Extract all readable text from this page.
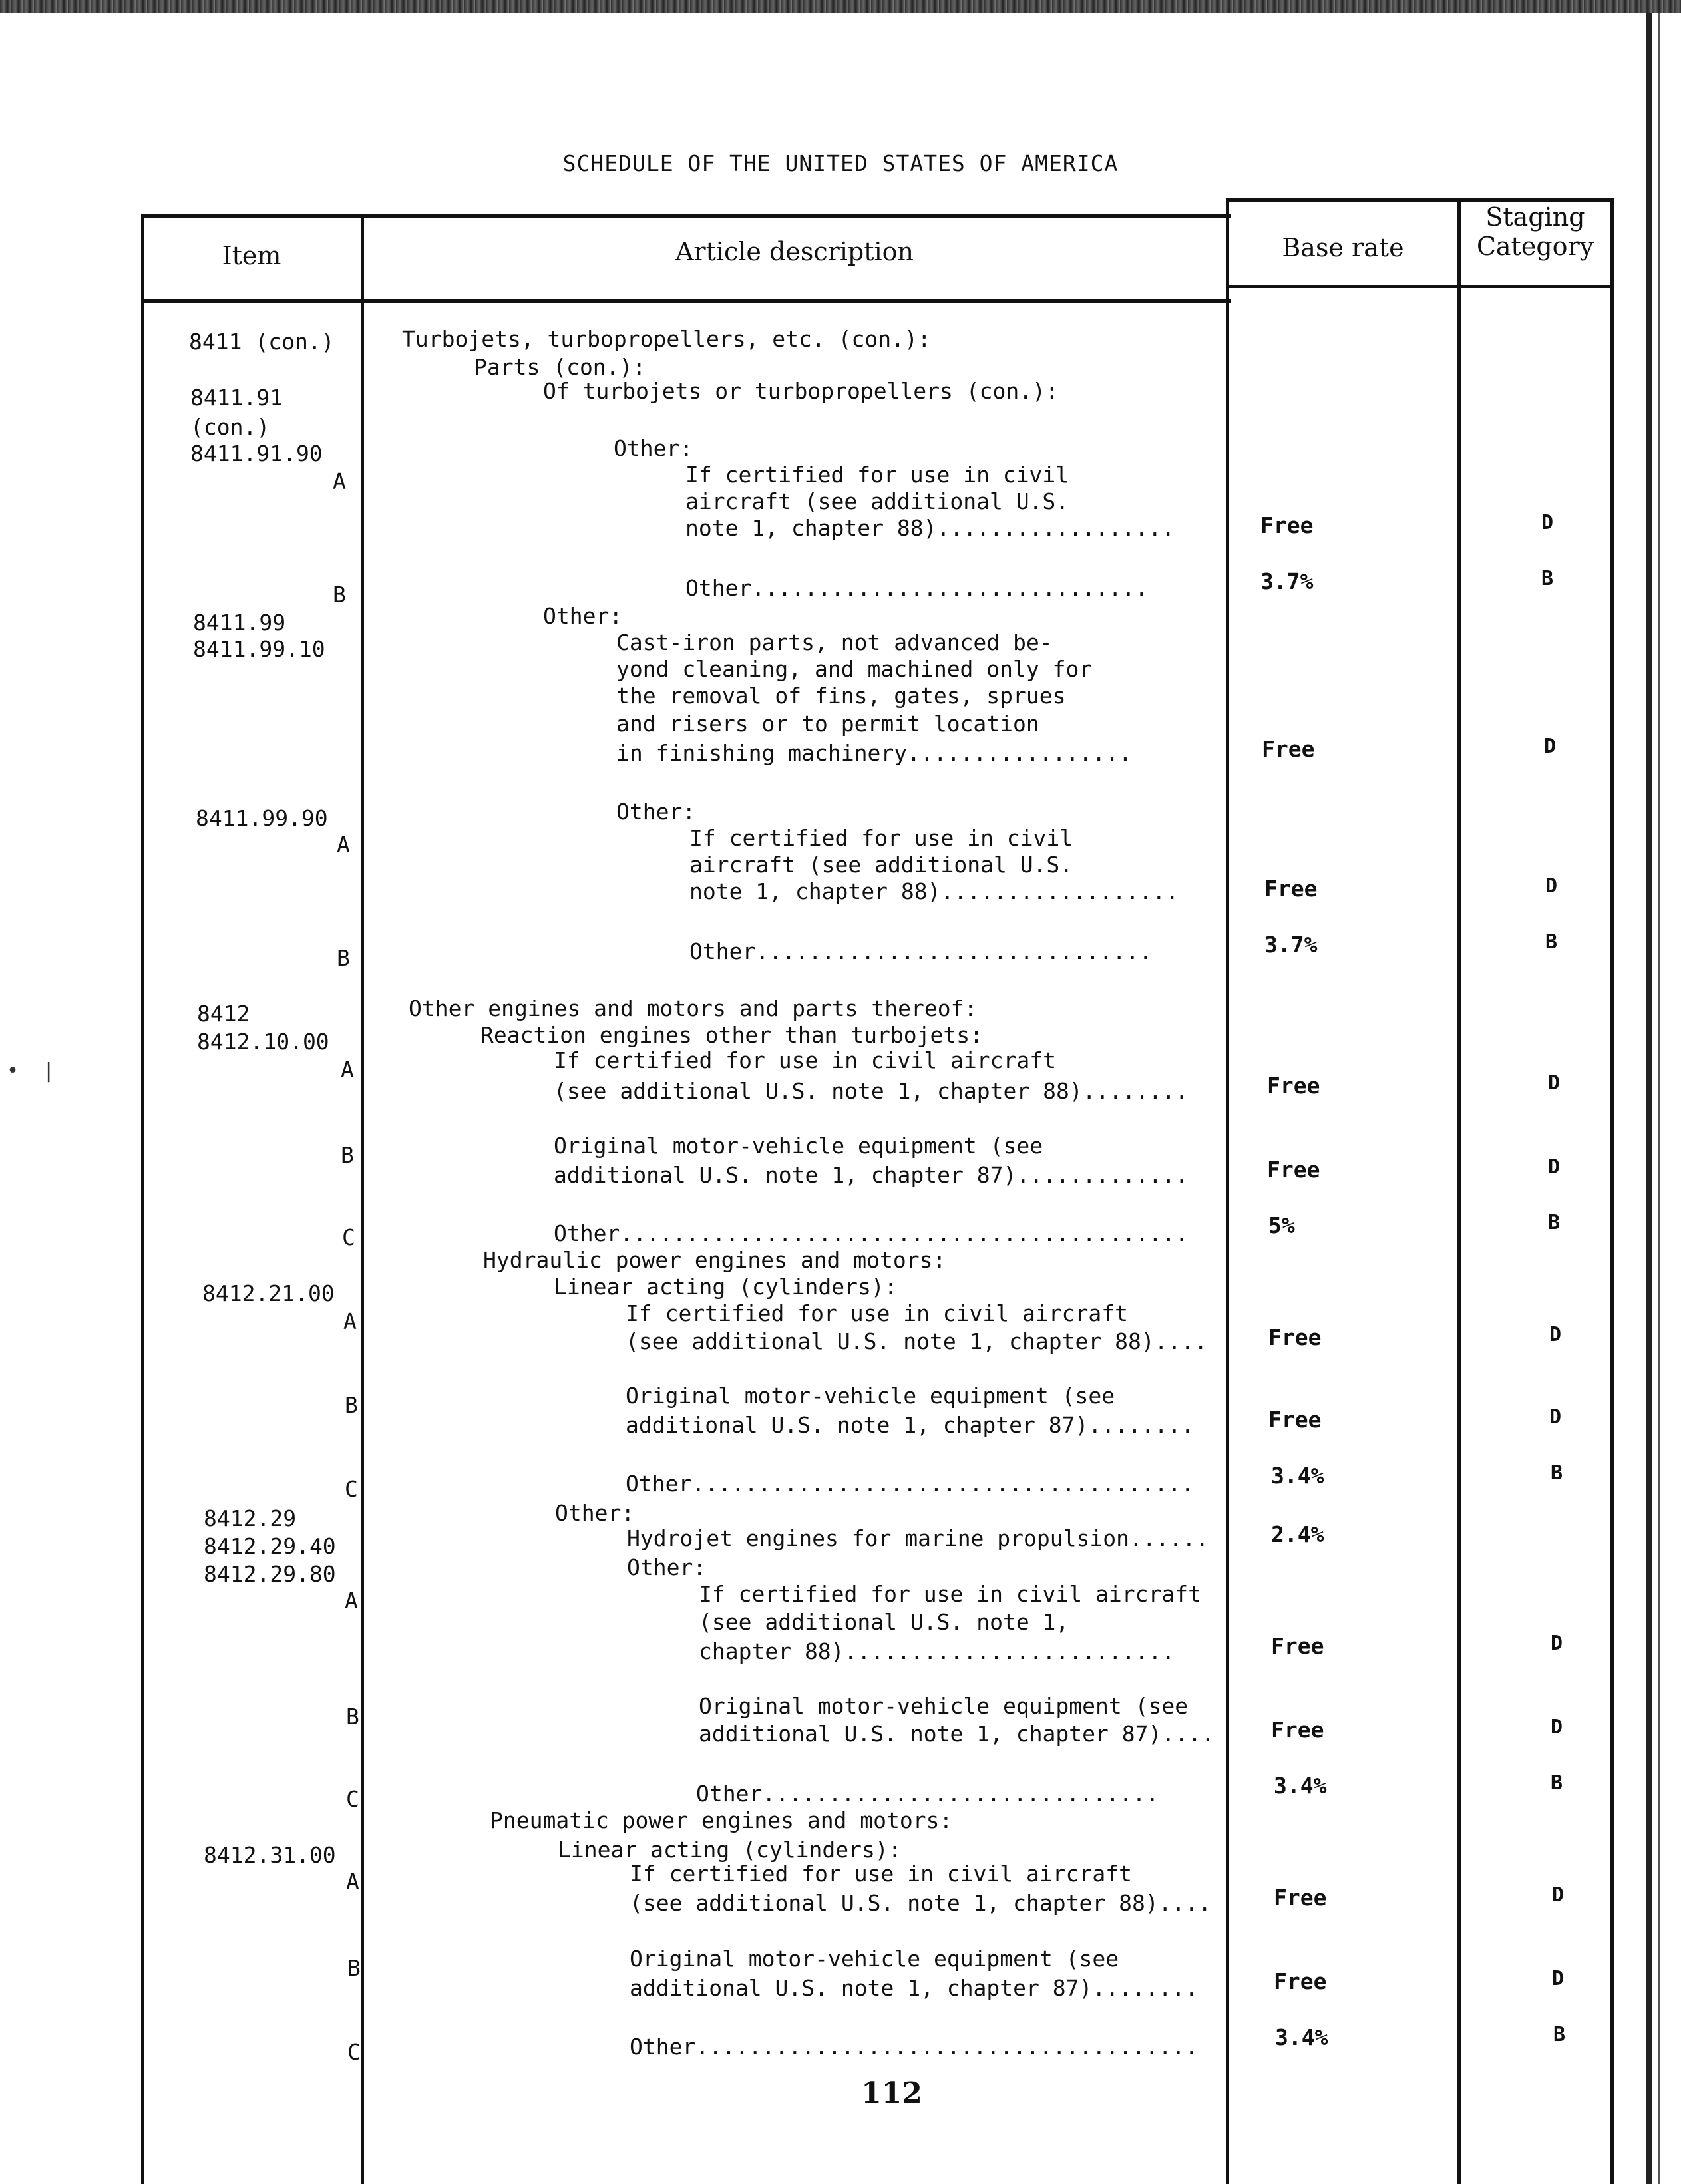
•  |
SCHEDULE OF THE UNITED STATES OF AMERICA
Item	Article description	Base rate
Staging
Category
8411 (con.)
8411.91
(con.)
8411.91.90
A
B
8411.99
8411.99.10
8411.99.90
A
B
8412
8412.10.00
A
B
C
8412.21.00
A
B
C
8412.29
8412.29.40
8412.29.80
A
B
C
8412.31.00
A
B
C
Turbojets, turbopropellers, etc. (con.):
Parts (con.):
Of turbojets or turbopropellers (con.):
Other:
If certified for use in civil
aircraft (see additional U.S.
note 1, chapter 88)..................
Other..............................
Other:
Cast-iron parts, not advanced be-
yond cleaning, and machined only for
the removal of fins, gates, sprues
and risers or to permit location
in finishing machinery.................
Other:
If certified for use in civil
aircraft (see additional U.S.
note 1, chapter 88)..................
Other..............................
Other engines and motors and parts thereof:
Reaction engines other than turbojets:
If certified for use in civil aircraft
(see additional U.S. note 1, chapter 88)........
Original motor-vehicle equipment (see
additional U.S. note 1, chapter 87).............
Other...........................................
Hydraulic power engines and motors:
Linear acting (cylinders):
If certified for use in civil aircraft
(see additional U.S. note 1, chapter 88)....
Original motor-vehicle equipment (see
additional U.S. note 1, chapter 87)........
Other......................................
Other:
Hydrojet engines for marine propulsion......
Other:
If certified for use in civil aircraft
(see additional U.S. note 1,
chapter 88).........................
Original motor-vehicle equipment (see
additional U.S. note 1, chapter 87)....
Other..............................
Pneumatic power engines and motors:
Linear acting (cylinders):
If certified for use in civil aircraft
(see additional U.S. note 1, chapter 88)....
Original motor-vehicle equipment (see
additional U.S. note 1, chapter 87)........
Other......................................
Free
3.7%
Free
Free
3.7%
Free
Free
5%
Free
Free
3.4%
2.4%
Free
Free
3.4%
Free
Free
3.4%
D
B
D
D
B
D
D
B
D
D
B
D
D
B
D
D
B
112
